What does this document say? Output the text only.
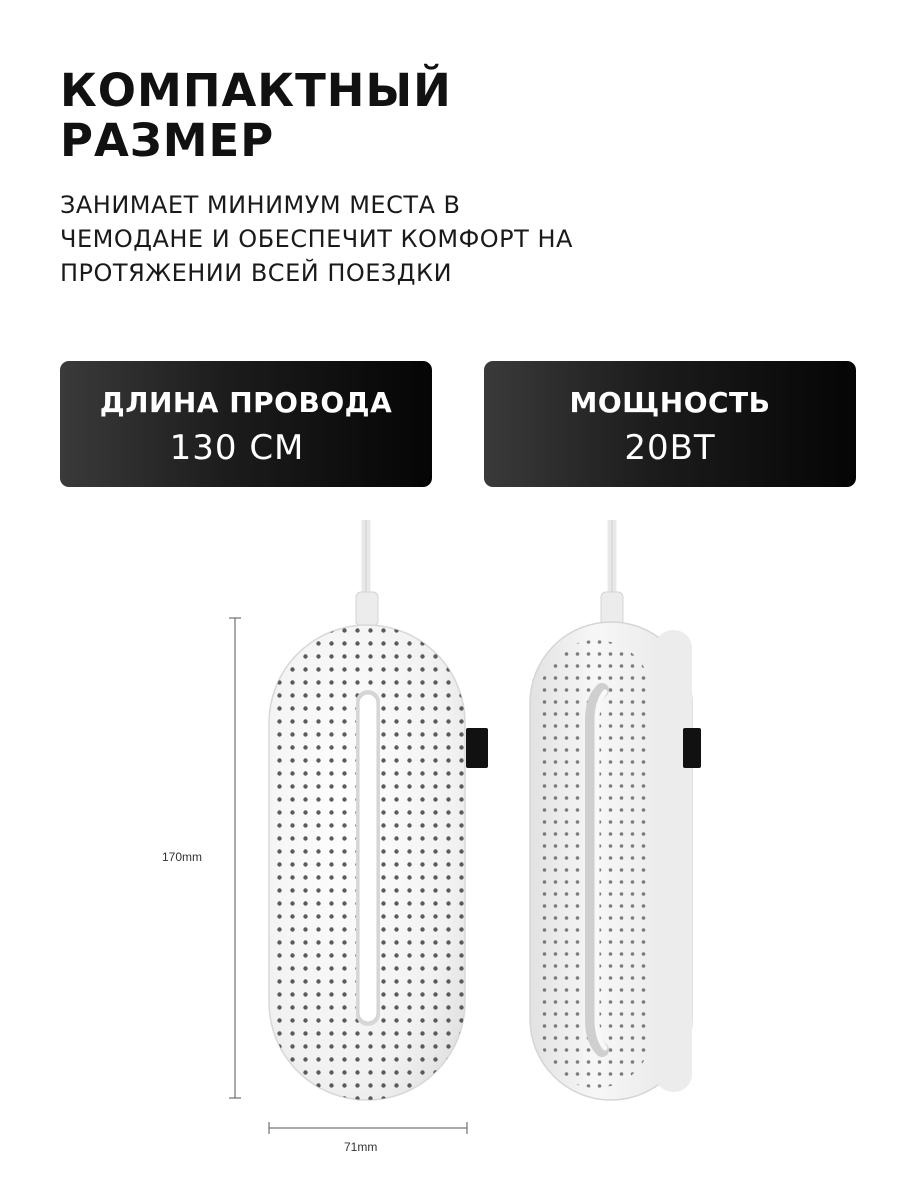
КОМПАКТНЫЙ
РАЗМЕР

ЗАНИМАЕТ МИНИМУМ МЕСТА В
ЧЕМОДАНЕ И ОБЕСПЕЧИТ КОМФОРТ НА
ПРОТЯЖЕНИИ ВСЕЙ ПОЕЗДКИ

ДЛИНА ПРОВОДА
130 СМ
МОЩНОСТЬ
20ВТ
170mm
71mm
